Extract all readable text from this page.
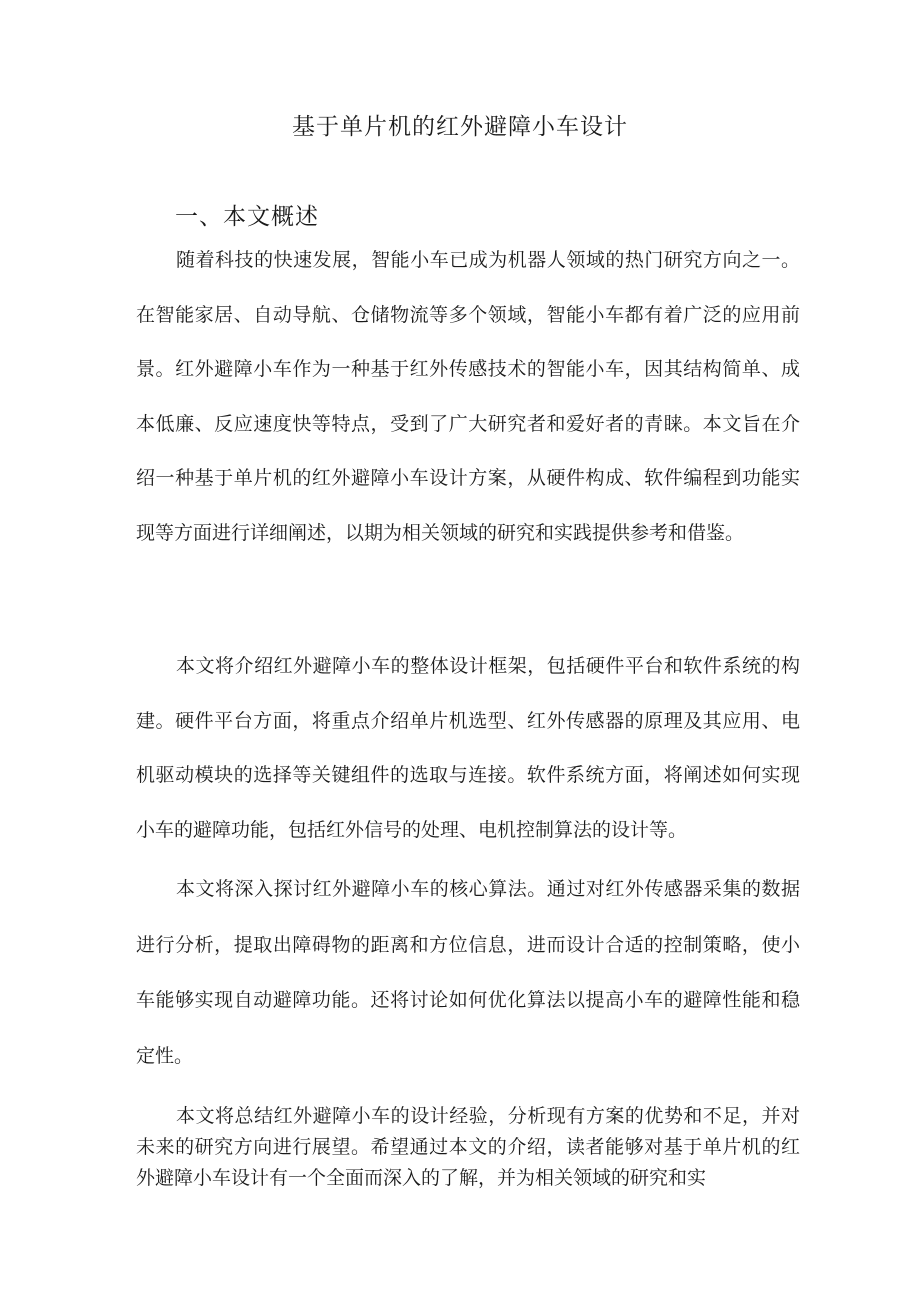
基于单片机的红外避障小车设计
一、本文概述

随着科技的快速发展，智能小车已成为机器人领域的热门研究方向之一。在智能家居、自动导航、仓储物流等多个领域，智能小车都有着广泛的应用前景。红外避障小车作为一种基于红外传感技术的智能小车，因其结构简单、成本低廉、反应速度快等特点，受到了广大研究者和爱好者的青睐。本文旨在介绍一种基于单片机的红外避障小车设计方案，从硬件构成、软件编程到功能实现等方面进行详细阐述，以期为相关领域的研究和实践提供参考和借鉴。

本文将介绍红外避障小车的整体设计框架，包括硬件平台和软件系统的构建。硬件平台方面，将重点介绍单片机选型、红外传感器的原理及其应用、电机驱动模块的选择等关键组件的选取与连接。软件系统方面，将阐述如何实现小车的避障功能，包括红外信号的处理、电机控制算法的设计等。

本文将深入探讨红外避障小车的核心算法。通过对红外传感器采集的数据进行分析，提取出障碍物的距离和方位信息，进而设计合适的控制策略，使小车能够实现自动避障功能。还将讨论如何优化算法以提高小车的避障性能和稳定性。

本文将总结红外避障小车的设计经验，分析现有方案的优势和不足，并对未来的研究方向进行展望。希望通过本文的介绍，读者能够对基于单片机的红外避障小车设计有一个全面而深入的了解，并为相关领域的研究和实
